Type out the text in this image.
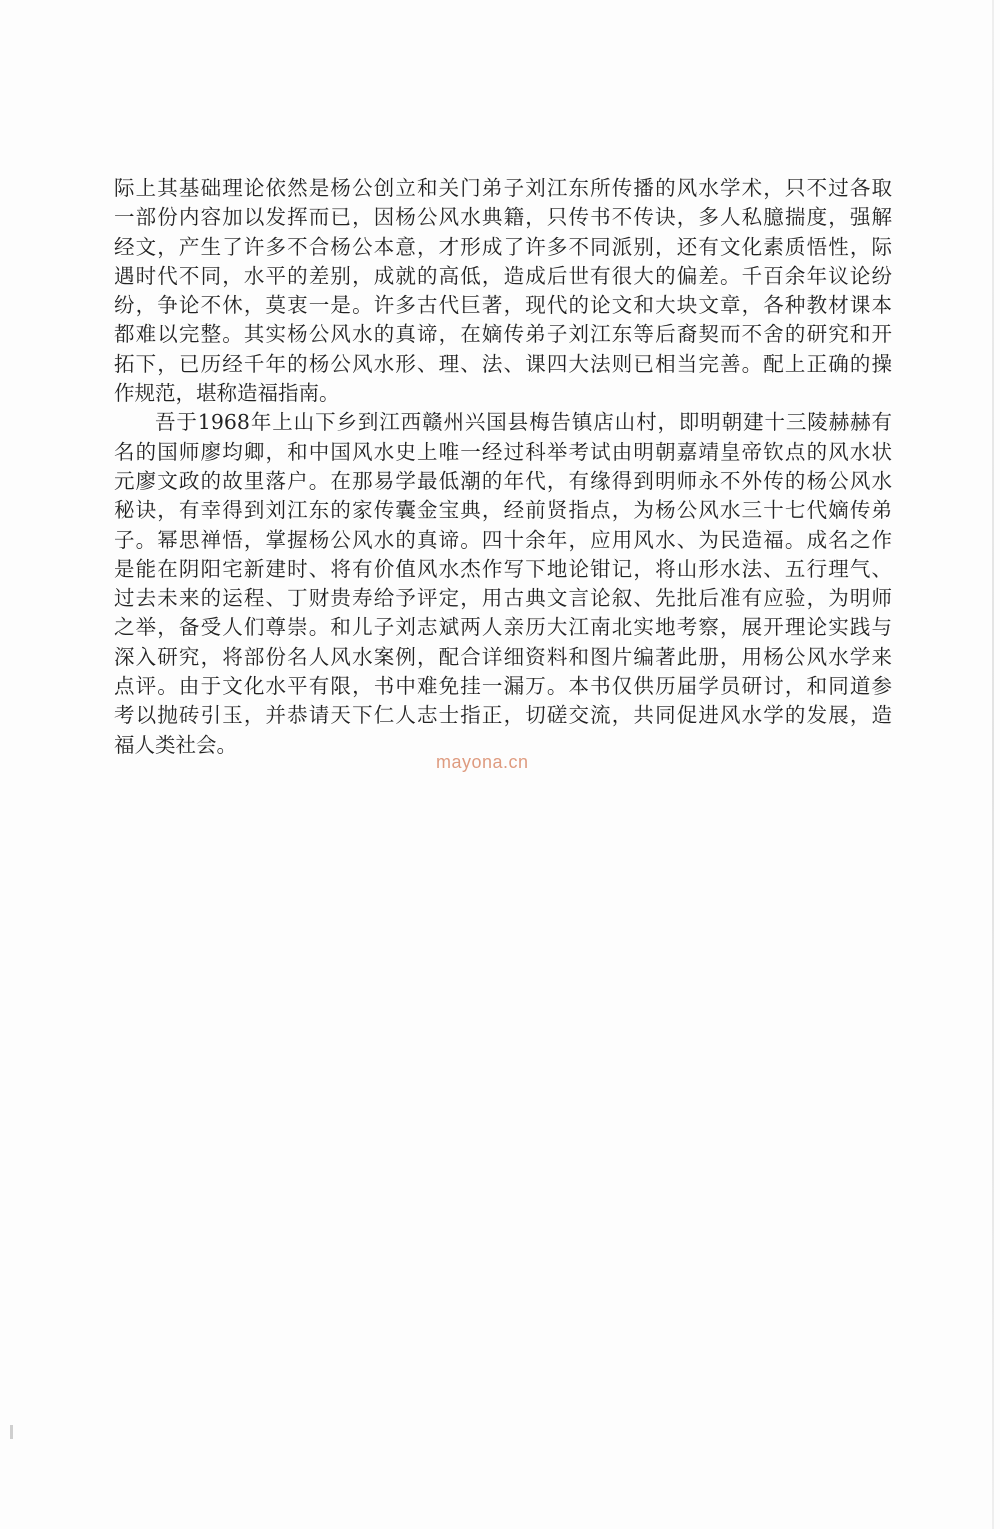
际上其基础理论依然是杨公创立和关门弟子刘江东所传播的风水学术，只不过各取
一部份内容加以发挥而已，因杨公风水典籍，只传书不传诀，多人私臆揣度，强解
经文，产生了许多不合杨公本意，才形成了许多不同派别，还有文化素质悟性，际
遇时代不同，水平的差别，成就的高低，造成后世有很大的偏差。千百余年议论纷
纷，争论不休，莫衷一是。许多古代巨著，现代的论文和大块文章，各种教材课本
都难以完整。其实杨公风水的真谛，在嫡传弟子刘江东等后裔契而不舍的研究和开
拓下，已历经千年的杨公风水形、理、法、课四大法则已相当完善。配上正确的操
作规范，堪称造福指南。
吾于1968年上山下乡到江西赣州兴国县梅告镇店山村，即明朝建十三陵赫赫有
名的国师廖均卿，和中国风水史上唯一经过科举考试由明朝嘉靖皇帝钦点的风水状
元廖文政的故里落户。在那易学最低潮的年代，有缘得到明师永不外传的杨公风水
秘诀，有幸得到刘江东的家传囊金宝典，经前贤指点，为杨公风水三十七代嫡传弟
子。幂思禅悟，掌握杨公风水的真谛。四十余年，应用风水、为民造福。成名之作
是能在阴阳宅新建时、将有价值风水杰作写下地论钳记，将山形水法、五行理气、
过去未来的运程、丁财贵寿给予评定，用古典文言论叙、先批后准有应验，为明师
之举，备受人们尊崇。和儿子刘志斌两人亲历大江南北实地考察，展开理论实践与
深入研究，将部份名人风水案例，配合详细资料和图片编著此册，用杨公风水学来
点评。由于文化水平有限，书中难免挂一漏万。本书仅供历届学员研讨，和同道参
考以抛砖引玉，并恭请天下仁人志士指正，切磋交流，共同促进风水学的发展，造
福人类社会。
mayona.cn
